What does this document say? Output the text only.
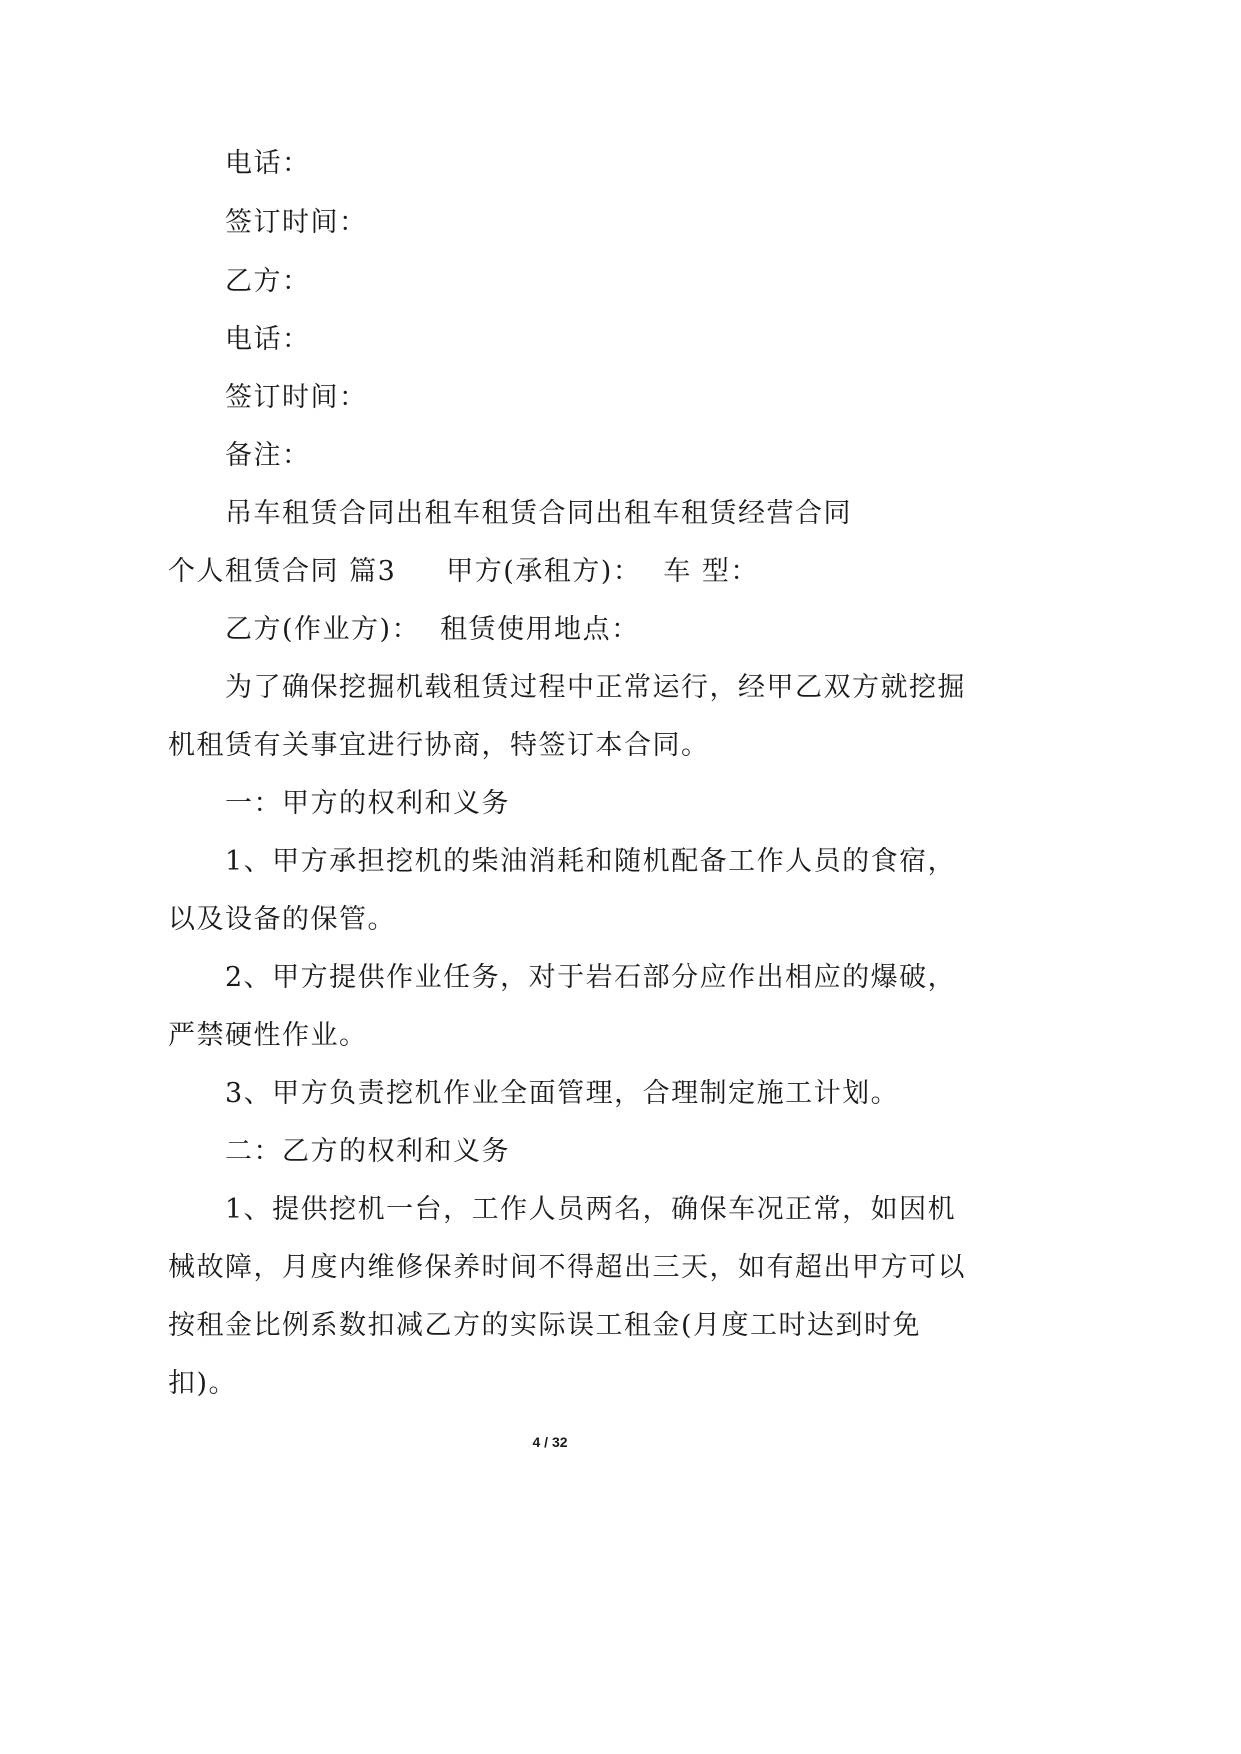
电话：
签订时间：
乙方：
电话：
签订时间：
备注：
吊车租赁合同出租车租赁合同出租车租赁经营合同
个人租赁合同 篇3 甲方(承租方)： 车 型：
乙方(作业方)： 租赁使用地点：
为了确保挖掘机载租赁过程中正常运行，经甲乙双方就挖掘
机租赁有关事宜进行协商，特签订本合同。
一：甲方的权利和义务
1、甲方承担挖机的柴油消耗和随机配备工作人员的食宿，
以及设备的保管。
2、甲方提供作业任务，对于岩石部分应作出相应的爆破，
严禁硬性作业。
3、甲方负责挖机作业全面管理，合理制定施工计划。
二：乙方的权利和义务
1、提供挖机一台，工作人员两名，确保车况正常，如因机
械故障，月度内维修保养时间不得超出三天，如有超出甲方可以
按租金比例系数扣减乙方的实际误工租金(月度工时达到时免
扣)。
4 / 32
